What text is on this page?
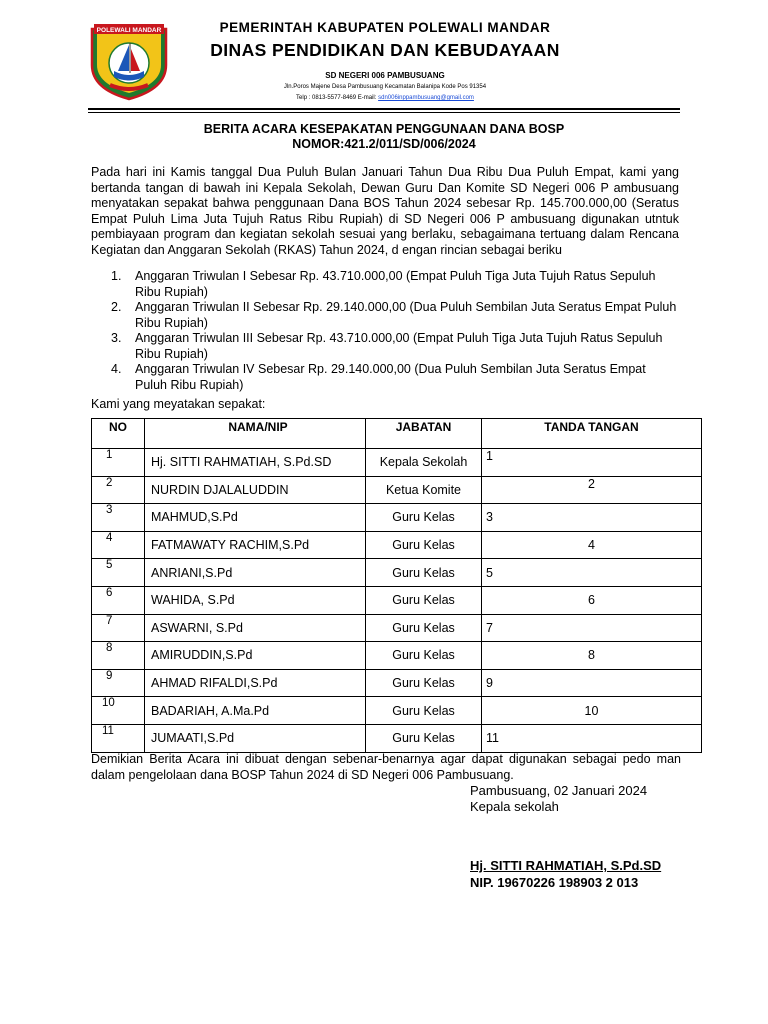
POLEWALI MANDAR	PEMERINTAH KABUPATEN POLEWALI MANDAR
DINAS PENDIDIKAN DAN KEBUDAYAAN
SD NEGERI 006 PAMBUSUANG
Jln.Poros Majene Desa Pambusuang Kecamatan Balanipa Kode Pos 91354
Telp : 0813-5577-8469 E-mail: sdn006inppambusuang@gmail.com
BERITA ACARA KESEPAKATAN PENGGUNAAN DANA BOSP
NOMOR:421.2/011/SD/006/2024
Pada hari ini Kamis tanggal Dua Puluh Bulan Januari Tahun Dua Ribu Dua Puluh Empat, kami yang bertanda tangan di bawah ini Kepala Sekolah, Dewan Guru Dan Komite SD Negeri 006 P ambusuang menyatakan sepakat bahwa penggunaan Dana BOS Tahun 2024 sebesar Rp. 145.700.000,00 (Seratus Empat Puluh Lima Juta Tujuh Ratus Ribu Rupiah) di SD Negeri 006 P ambusuang digunakan utntuk pembiayaan program dan kegiatan sekolah sesuai yang berlaku, sebagaimana tertuang dalam Rencana Kegiatan dan Anggaran Sekolah (RKAS) Tahun 2024, d engan rincian sebagai beriku
1. Anggaran Triwulan I Sebesar Rp. 43.710.000,00 (Empat Puluh Tiga Juta Tujuh Ratus Sepuluh Ribu Rupiah)
2. Anggaran Triwulan II Sebesar Rp. 29.140.000,00 (Dua Puluh Sembilan Juta Seratus Empat Puluh Ribu Rupiah)
3. Anggaran Triwulan III Sebesar Rp. 43.710.000,00 (Empat Puluh Tiga Juta Tujuh Ratus Sepuluh Ribu Rupiah)
4. Anggaran Triwulan IV Sebesar Rp. 29.140.000,00 (Dua Puluh Sembilan Juta Seratus Empat Puluh Ribu Rupiah)
Kami yang meyatakan sepakat:
NO	NAMA/NIP	JABATAN	TANDA TANGAN
1	Hj. SITTI RAHMATIAH, S.Pd.SD	Kepala Sekolah	1
2	NURDIN DJALALUDDIN	Ketua Komite	2
3	MAHMUD,S.Pd	Guru Kelas	3
4	FATMAWATY RACHIM,S.Pd	Guru Kelas	4
5	ANRIANI,S.Pd	Guru Kelas	5
6	WAHIDA, S.Pd	Guru Kelas	6
7	ASWARNI, S.Pd	Guru Kelas	7
8	AMIRUDDIN,S.Pd	Guru Kelas	8
9	AHMAD RIFALDI,S.Pd	Guru Kelas	9
10	BADARIAH, A.Ma.Pd	Guru Kelas	10
11	JUMAATI,S.Pd	Guru Kelas	11
Demikian Berita Acara ini dibuat dengan sebenar-benarnya agar dapat digunakan sebagai pedo man dalam pengelolaan dana BOSP Tahun 2024 di SD Negeri 006 Pambusuang.
Pambusuang, 02 Januari 2024
Kepala sekolah
Hj. SITTI RAHMATIAH, S.Pd.SD
NIP. 19670226 198903 2 013
